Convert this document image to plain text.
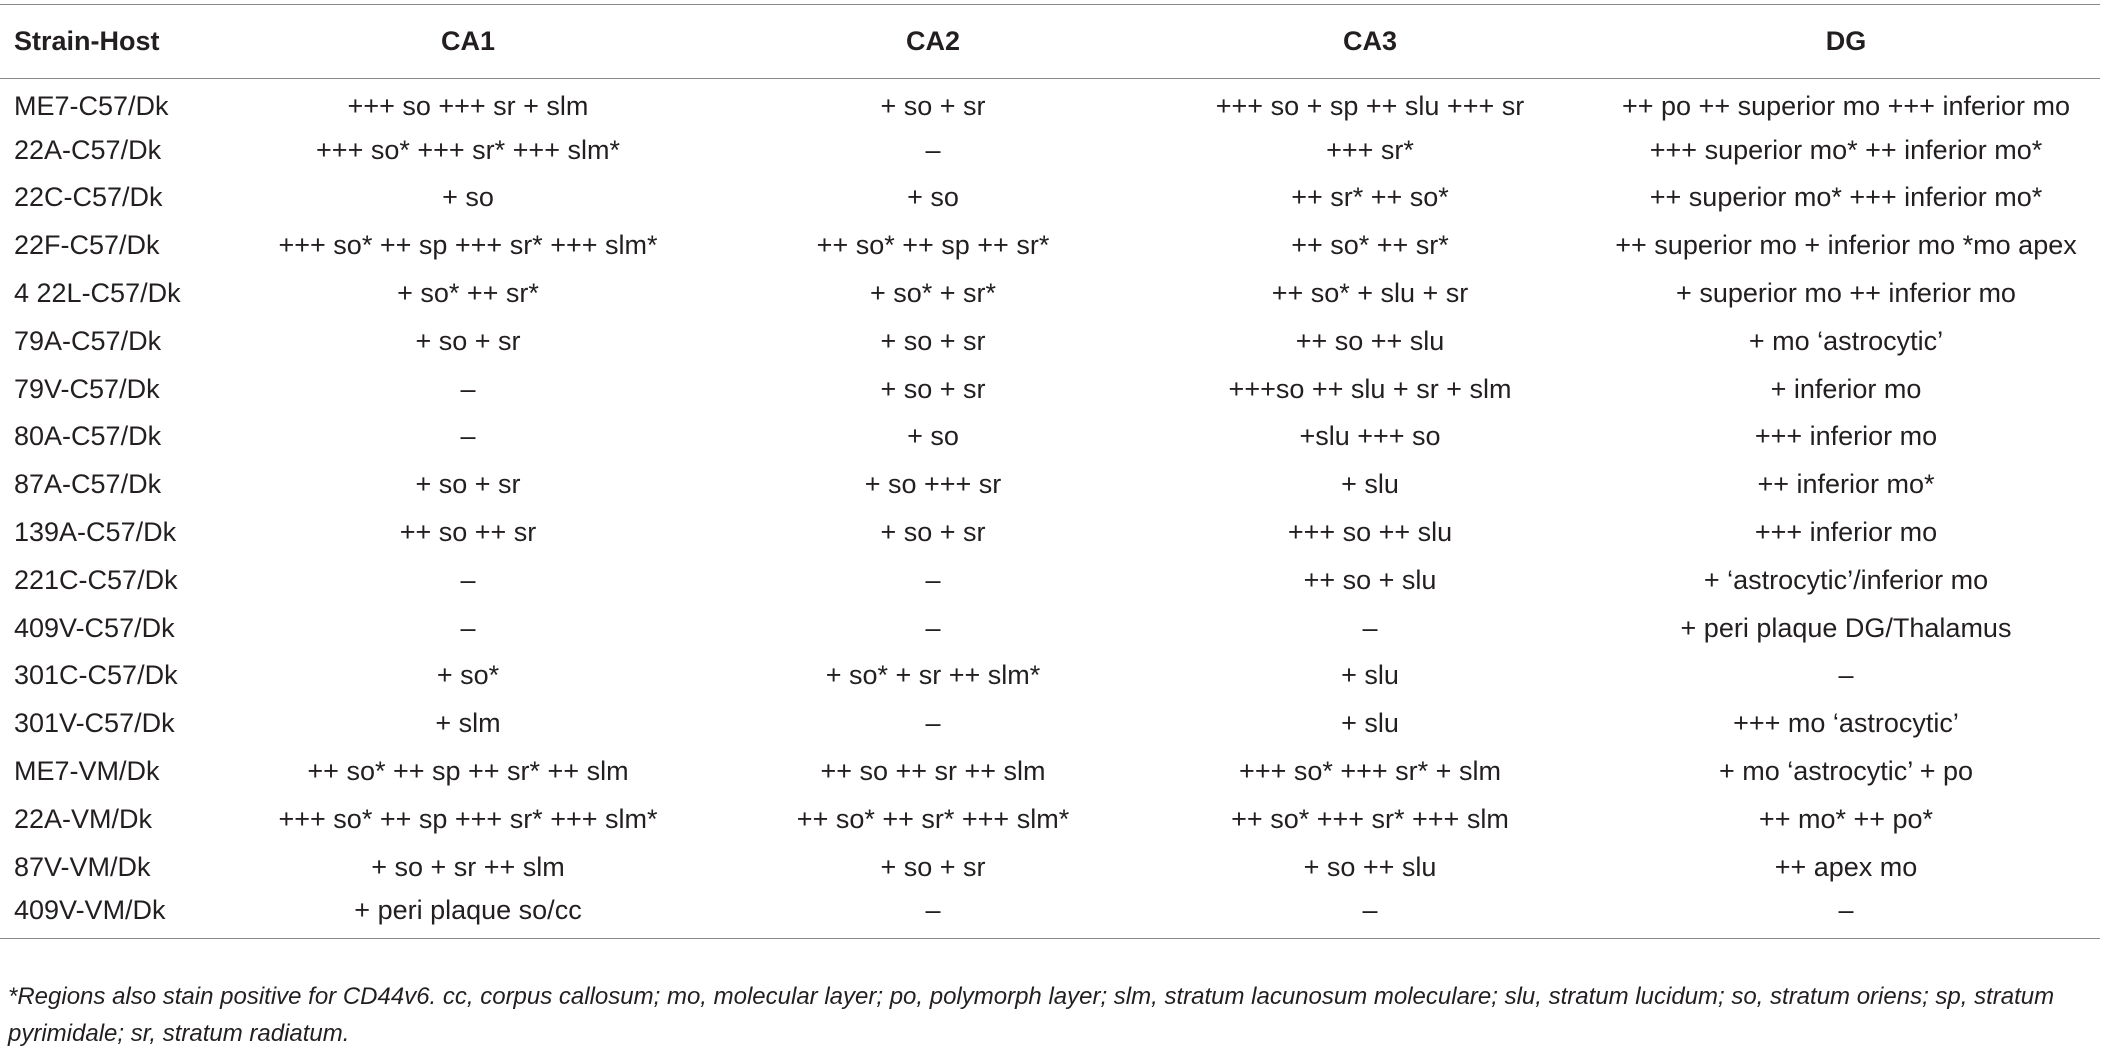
Strain-Host	CA1	CA2	CA3	DG
ME7-C57/Dk	+++ so +++ sr + slm	+ so + sr	+++ so + sp ++ slu +++ sr	++ po ++ superior mo +++ inferior mo
22A-C57/Dk	+++ so* +++ sr* +++ slm*	–	+++ sr*	+++ superior mo* ++ inferior mo*
22C-C57/Dk	+ so	+ so	++ sr* ++ so*	++ superior mo* +++ inferior mo*
22F-C57/Dk	+++ so* ++ sp +++ sr* +++ slm*	++ so* ++ sp ++ sr*	++ so* ++ sr*	++ superior mo + inferior mo *mo apex
4 22L-C57/Dk	+ so* ++ sr*	+ so* + sr*	++ so* + slu + sr	+ superior mo ++ inferior mo
79A-C57/Dk	+ so + sr	+ so + sr	++ so ++ slu	+ mo ‘astrocytic’
79V-C57/Dk	–	+ so + sr	+++so ++ slu + sr + slm	+ inferior mo
80A-C57/Dk	–	+ so	+slu +++ so	+++ inferior mo
87A-C57/Dk	+ so + sr	+ so +++ sr	+ slu	++ inferior mo*
139A-C57/Dk	++ so ++ sr	+ so + sr	+++ so ++ slu	+++ inferior mo
221C-C57/Dk	–	–	++ so + slu	+ ‘astrocytic’/inferior mo
409V-C57/Dk	–	–	–	+ peri plaque DG/Thalamus
301C-C57/Dk	+ so*	+ so* + sr ++ slm*	+ slu	–
301V-C57/Dk	+ slm	–	+ slu	+++ mo ‘astrocytic’
ME7-VM/Dk	++ so* ++ sp ++ sr* ++ slm	++ so ++ sr ++ slm	+++ so* +++ sr* + slm	+ mo ‘astrocytic’ + po
22A-VM/Dk	+++ so* ++ sp +++ sr* +++ slm*	++ so* ++ sr* +++ slm*	++ so* +++ sr* +++ slm	++ mo* ++ po*
87V-VM/Dk	+ so + sr ++ slm	+ so + sr	+ so ++ slu	++ apex mo
409V-VM/Dk	+ peri plaque so/cc	–	–	–
*Regions also stain positive for CD44v6. cc, corpus callosum; mo, molecular layer; po, polymorph layer; slm, stratum lacunosum moleculare; slu, stratum lucidum; so, stratum oriens; sp, stratum pyrimidale; sr, stratum radiatum.
